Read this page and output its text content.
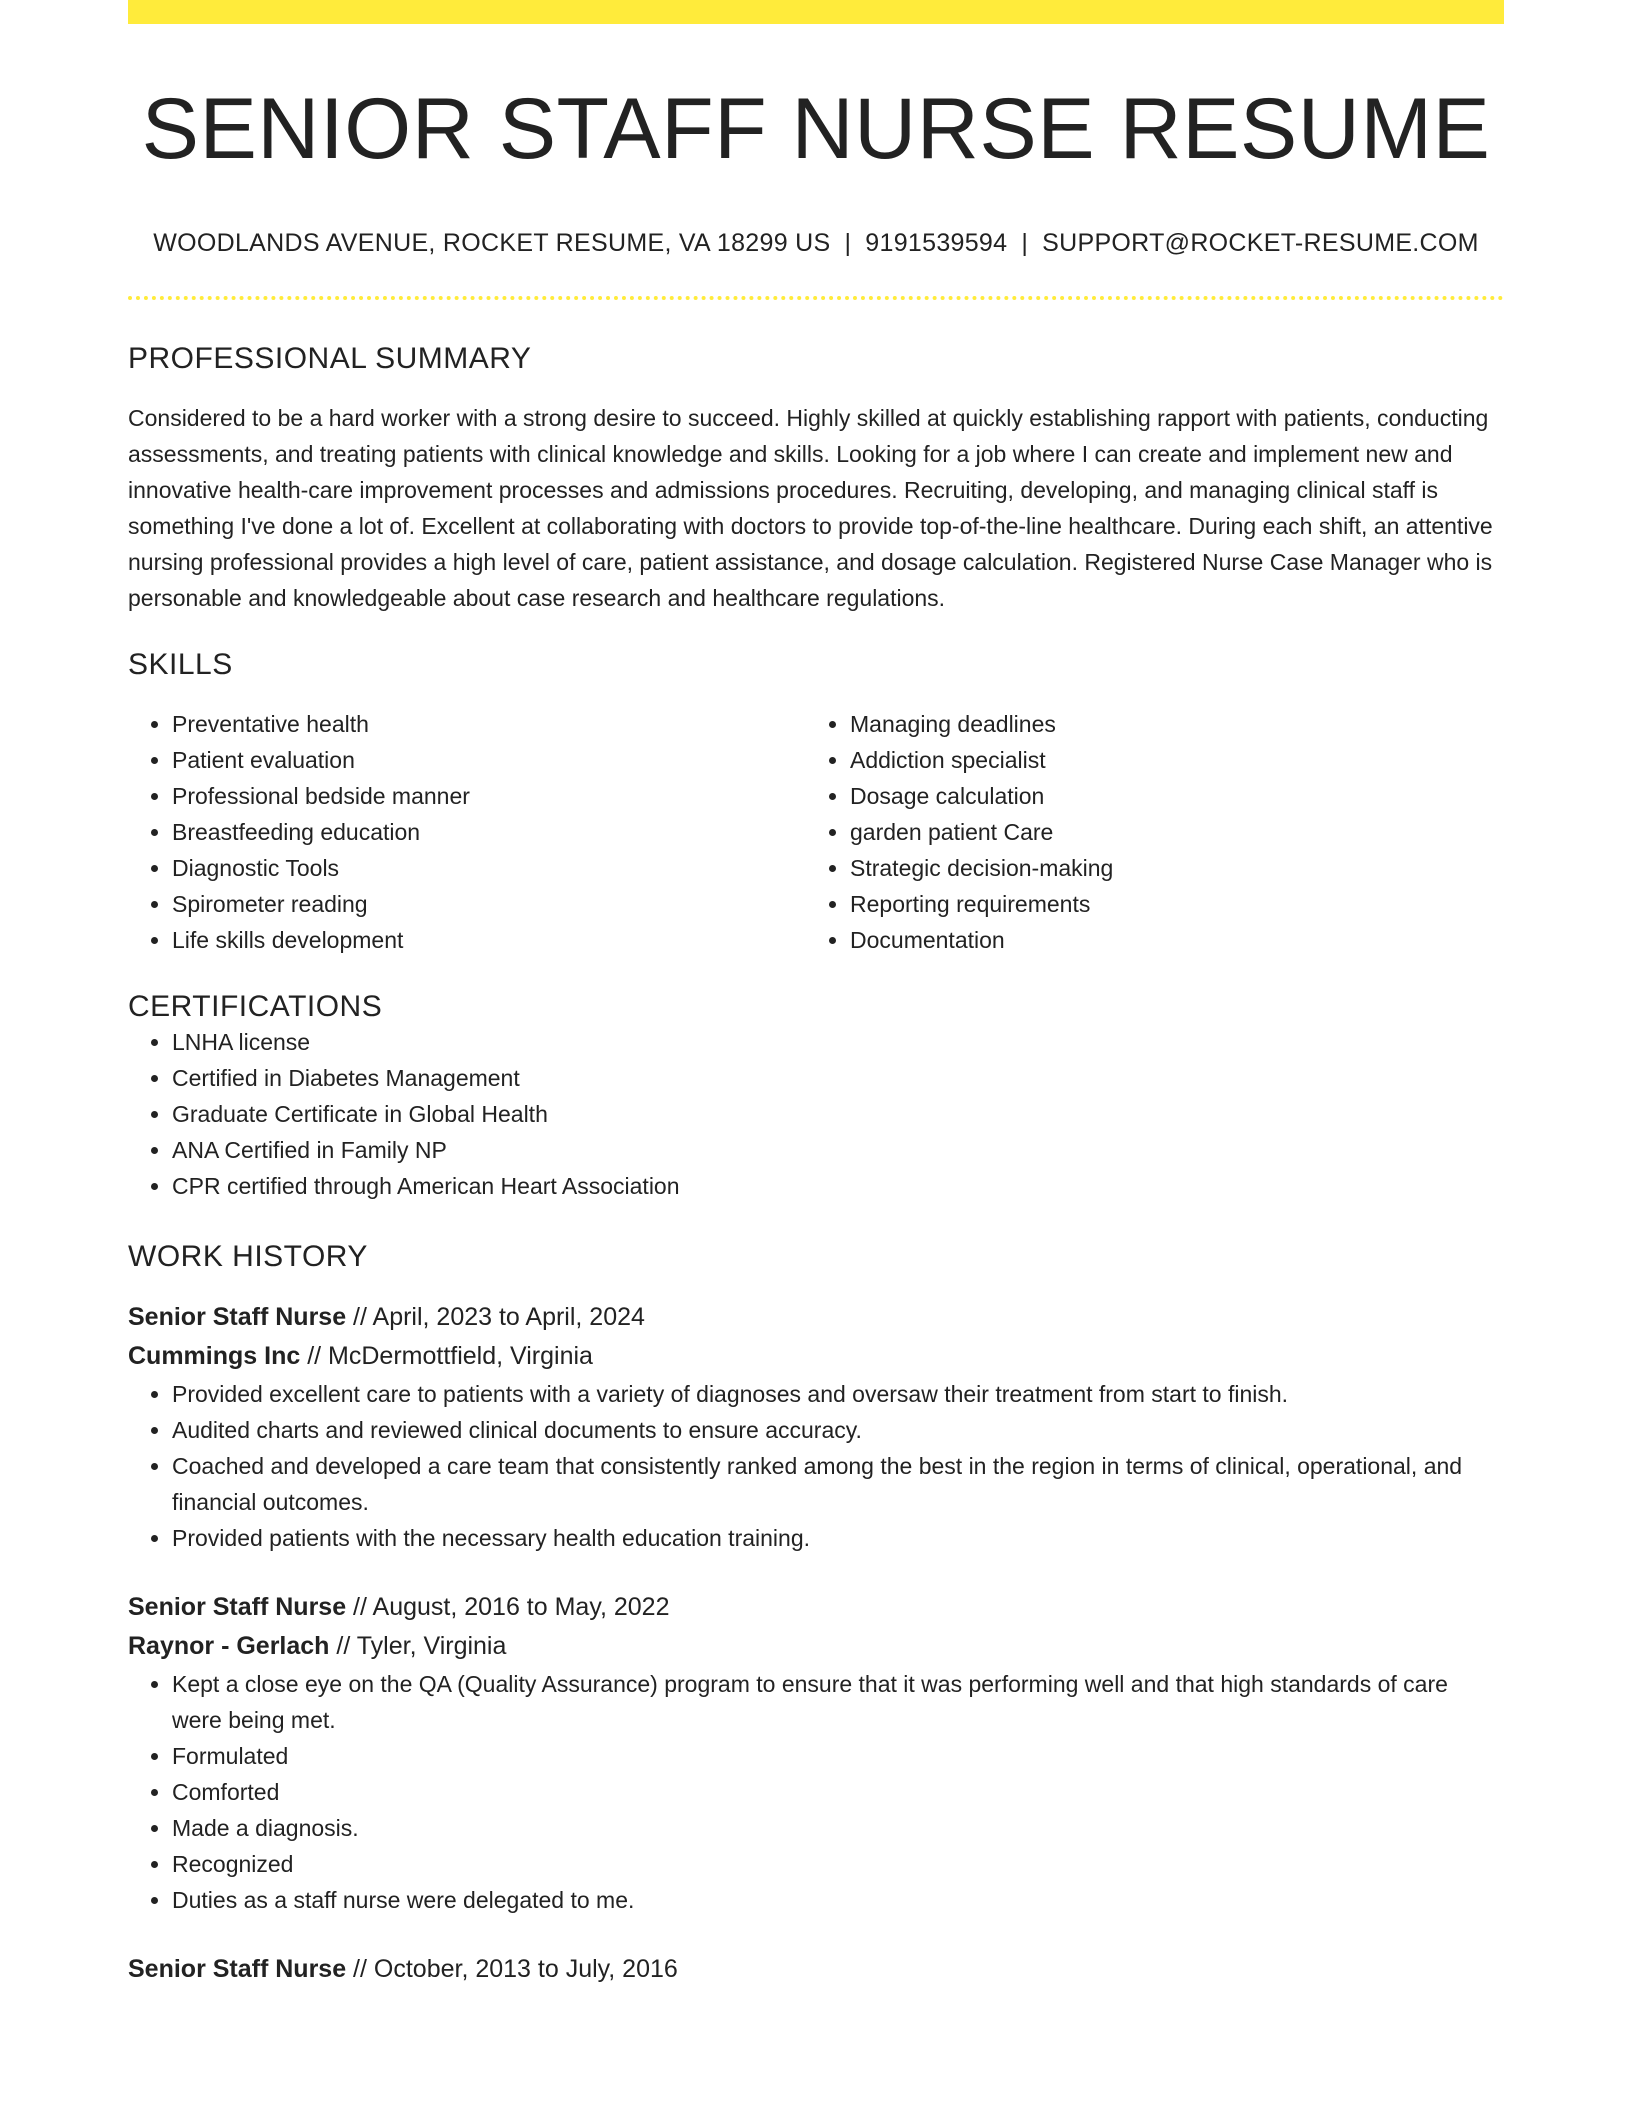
SENIOR STAFF NURSE RESUME
WOODLANDS AVENUE, ROCKET RESUME, VA 18299 US | 9191539594 | SUPPORT@ROCKET-RESUME.COM
PROFESSIONAL SUMMARY
Considered to be a hard worker with a strong desire to succeed. Highly skilled at quickly establishing rapport with patients, conducting assessments, and treating patients with clinical knowledge and skills. Looking for a job where I can create and implement new and innovative health-care improvement processes and admissions procedures. Recruiting, developing, and managing clinical staff is something I've done a lot of. Excellent at collaborating with doctors to provide top-of-the-line healthcare. During each shift, an attentive nursing professional provides a high level of care, patient assistance, and dosage calculation. Registered Nurse Case Manager who is personable and knowledgeable about case research and healthcare regulations.
SKILLS
• Preventative health
• Patient evaluation
• Professional bedside manner
• Breastfeeding education
• Diagnostic Tools
• Spirometer reading
• Life skills development
• Managing deadlines
• Addiction specialist
• Dosage calculation
• garden patient Care
• Strategic decision-making
• Reporting requirements
• Documentation
CERTIFICATIONS
• LNHA license
• Certified in Diabetes Management
• Graduate Certificate in Global Health
• ANA Certified in Family NP
• CPR certified through American Heart Association
WORK HISTORY
Senior Staff Nurse // April, 2023 to April, 2024
Cummings Inc // McDermottfield, Virginia
• Provided excellent care to patients with a variety of diagnoses and oversaw their treatment from start to finish.
• Audited charts and reviewed clinical documents to ensure accuracy.
• Coached and developed a care team that consistently ranked among the best in the region in terms of clinical, operational, and financial outcomes.
• Provided patients with the necessary health education training.
Senior Staff Nurse // August, 2016 to May, 2022
Raynor - Gerlach // Tyler, Virginia
• Kept a close eye on the QA (Quality Assurance) program to ensure that it was performing well and that high standards of care were being met.
• Formulated
• Comforted
• Made a diagnosis.
• Recognized
• Duties as a staff nurse were delegated to me.
Senior Staff Nurse // October, 2013 to July, 2016
